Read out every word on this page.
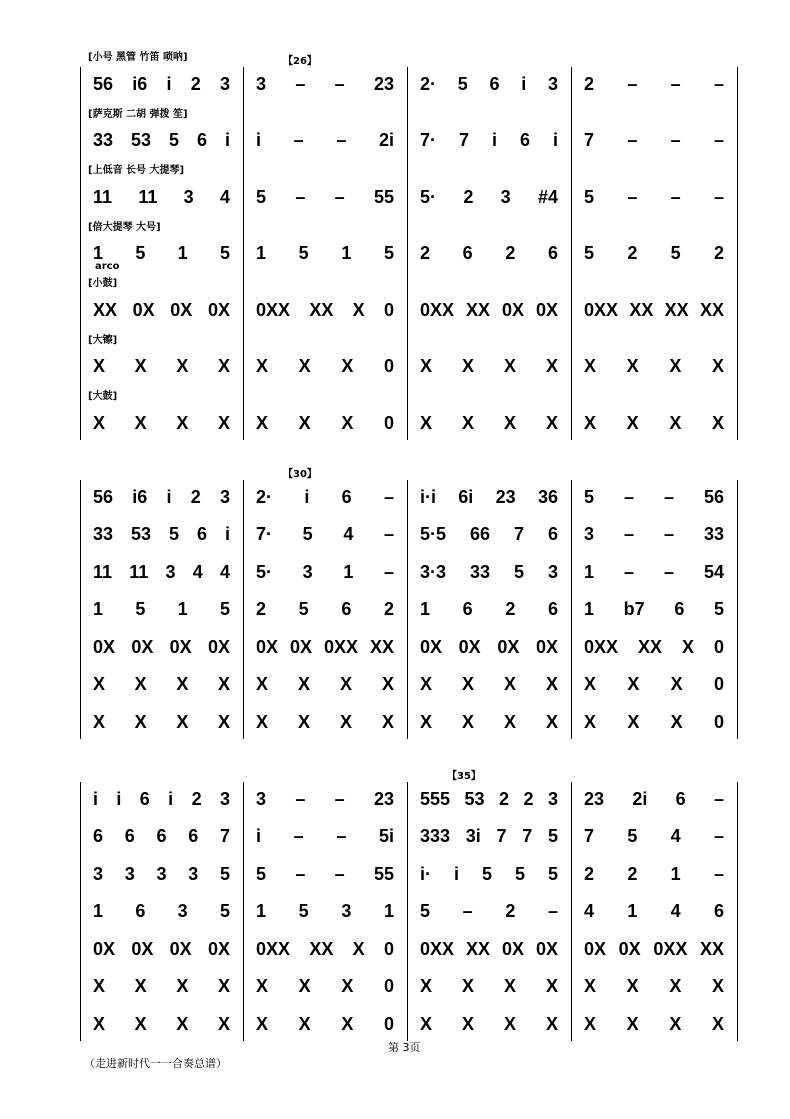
[小号 黑管 竹笛 唢呐]
56 i6 i 2 3 3 – – 23 2· 5 6 i 3 2 – – –
[萨克斯 二胡 弹拨 笙]
33 53 5 6 i i – – 2i 7· 7 i 6 i 7 – – –
[上低音 长号 大提琴]
11 11 3 4 5 – – 55 5· 2 3 #4 5 – – –
[倍大提琴 大号]
1 5 1 5 1 5 1 5 2 6 2 6 5 2 5 2
arco
[小鼓]
XX 0X 0X 0X 0XX XX X 0 0XX XX 0X 0X 0XX XX XX XX
[大镲]
X X X X X X X 0 X X X X X X X X
[大鼓]
X X X X X X X 0 X X X X X X X X
【26】
56 i6 i 2 3 2· i 6 – i·i 6i 23 36 5 – – 56
33 53 5 6 i 7· 5 4 – 5·5 66 7 6 3 – – 33
11 11 3 4 4 5· 3 1 – 3·3 33 5 3 1 – – 54
1 5 1 5 2 5 6 2 1 6 2 6 1 b7 6 5
0X 0X 0X 0X 0X 0X 0XX XX 0X 0X 0X 0X 0XX XX X 0
X X X X X X X X X X X X X X X 0
X X X X X X X X X X X X X X X 0
【30】
i i 6 i 2 3 3 – – 23 555 53 2 2 3 23 2i 6 –
6 6 6 6 7 i – – 5i 333 3i 7 7 5 7 5 4 –
3 3 3 3 5 5 – – 55 i· i 5 5 5 2 2 1 –
1 6 3 5 1 5 3 1 5 – 2 – 4 1 4 6
0X 0X 0X 0X 0XX XX X 0 0XX XX 0X 0X 0X 0X 0XX XX
X X X X X X X 0 X X X X X X X X
X X X X X X X 0 X X X X X X X X
【35】
第 3页
（走进新时代一一合奏总谱）
